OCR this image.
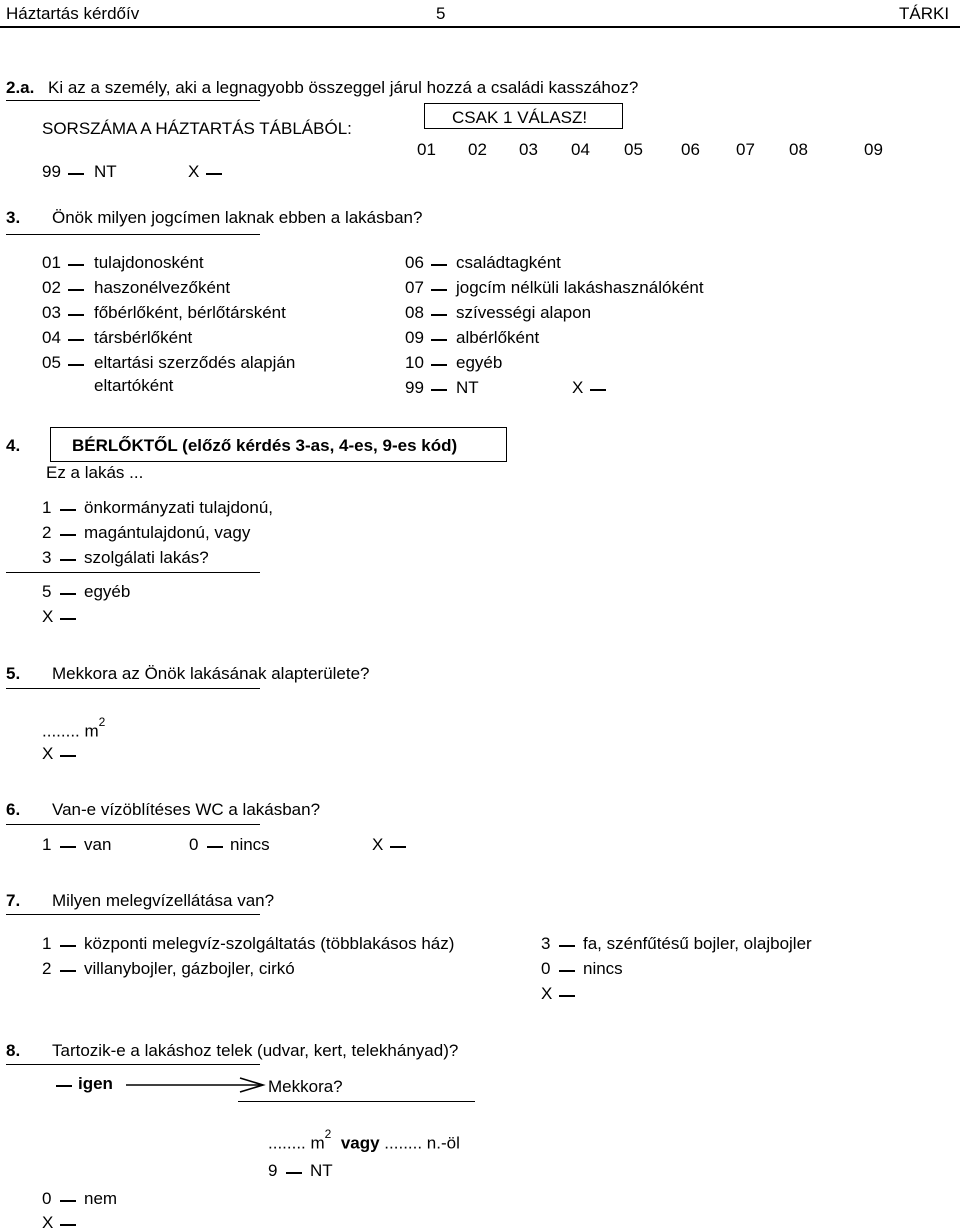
Háztartás kérdőív	5	TÁRKI
2.a. Ki az a személy, aki a legnagyobb összeggel járul hozzá a családi kasszához?
SORSZÁMA A HÁZTARTÁS TÁBLÁBÓL:
CSAK 1 VÁLASZ!
01 02 03 04 05 06 07 08	09
99 NT	X
3. Önök milyen jogcímen laknak ebben a lakásban?
01 tulajdonosként
02 haszonélvezőként
03 főbérlőként, bérlőtársként
04 társbérlőként
05 eltartási szerződés alapján
eltartóként
06 családtagként
07 jogcím nélküli lakáshasználóként
08 szívességi alapon
09 albérlőként
10 egyéb
99 NT	X
4.	BÉRLŐKTŐL (előző kérdés 3-as, 4-es, 9-es kód)
Ez a lakás ...
1 önkormányzati tulajdonú,
2 magántulajdonú, vagy
3 szolgálati lakás?
5 egyéb
X
5. Mekkora az Önök lakásának alapterülete?
........ $m^2$
X
6. Van-e vízöblítéses WC a lakásban?
1 van	0 nincs	X
7. Milyen melegvízellátása van?
1 központi melegvíz-szolgáltatás (többlakásos ház)
2 villanybojler, gázbojler, cirkó
3 fa, szénfűtésű bojler, olajbojler
0 nincs
X
8. Tartozik-e a lakáshoz telek (udvar, kert, telekhányad)?
igen	Mekkora?
........ $m^2$ vagy ........ n.-öl
9 NT
0 nem
X
